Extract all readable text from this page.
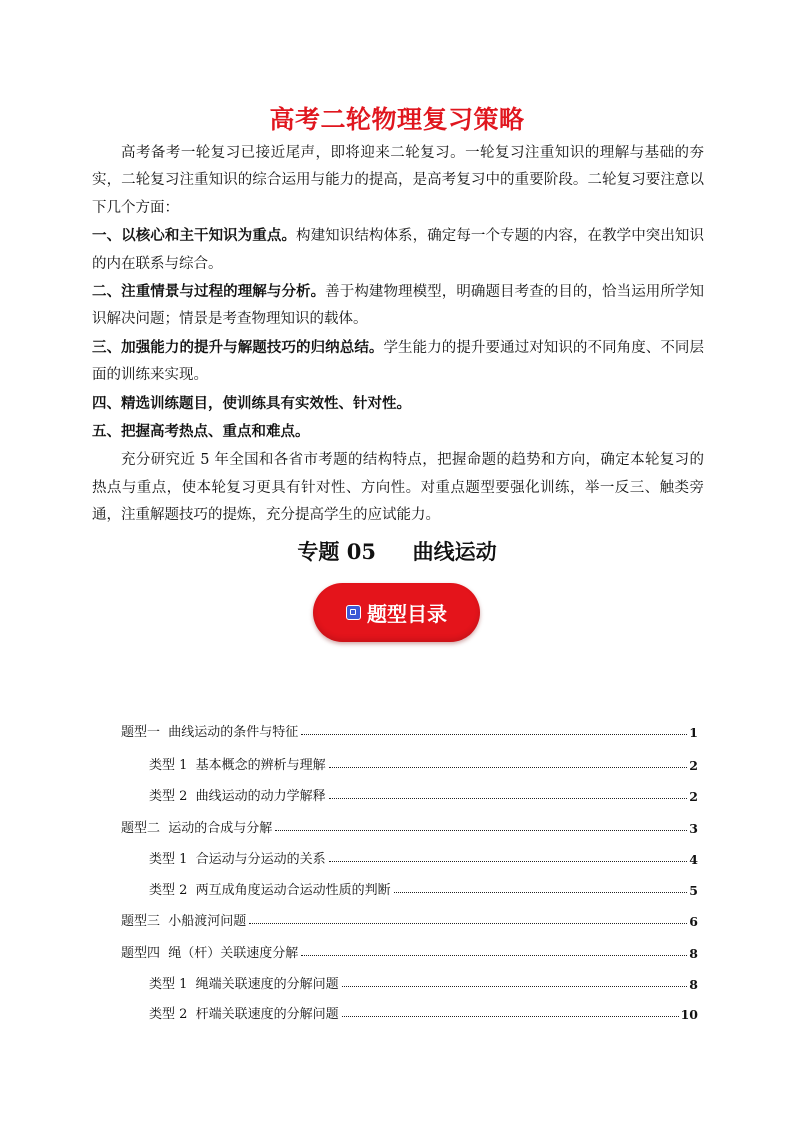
高考二轮物理复习策略

高考备考一轮复习已接近尾声，即将迎来二轮复习。一轮复习注重知识的理解与基础的夯实，二轮复习注重知识的综合运用与能力的提高，是高考复习中的重要阶段。二轮复习要注意以下几个方面：

一、以核心和主干知识为重点。构建知识结构体系，确定每一个专题的内容，在教学中突出知识的内在联系与综合。

二、注重情景与过程的理解与分析。善于构建物理模型，明确题目考查的目的，恰当运用所学知识解决问题；情景是考查物理知识的载体。

三、加强能力的提升与解题技巧的归纳总结。学生能力的提升要通过对知识的不同角度、不同层面的训练来实现。

四、精选训练题目，使训练具有实效性、针对性。

五、把握高考热点、重点和难点。

充分研究近 5 年全国和各省市考题的结构特点，把握命题的趋势和方向，确定本轮复习的热点与重点，使本轮复习更具有针对性、方向性。对重点题型要强化训练，举一反三、触类旁通，注重解题技巧的提炼，充分提高学生的应试能力。

专题 05 曲线运动
题型目录
题型一  曲线运动的条件与特征	1
类型 1  基本概念的辨析与理解	2
类型 2  曲线运动的动力学解释	2
题型二  运动的合成与分解	3
类型 1  合运动与分运动的关系	4
类型 2  两互成角度运动合运动性质的判断	5
题型三  小船渡河问题	6
题型四  绳（杆）关联速度分解	8
类型 1  绳端关联速度的分解问题	8
类型 2  杆端关联速度的分解问题	10
